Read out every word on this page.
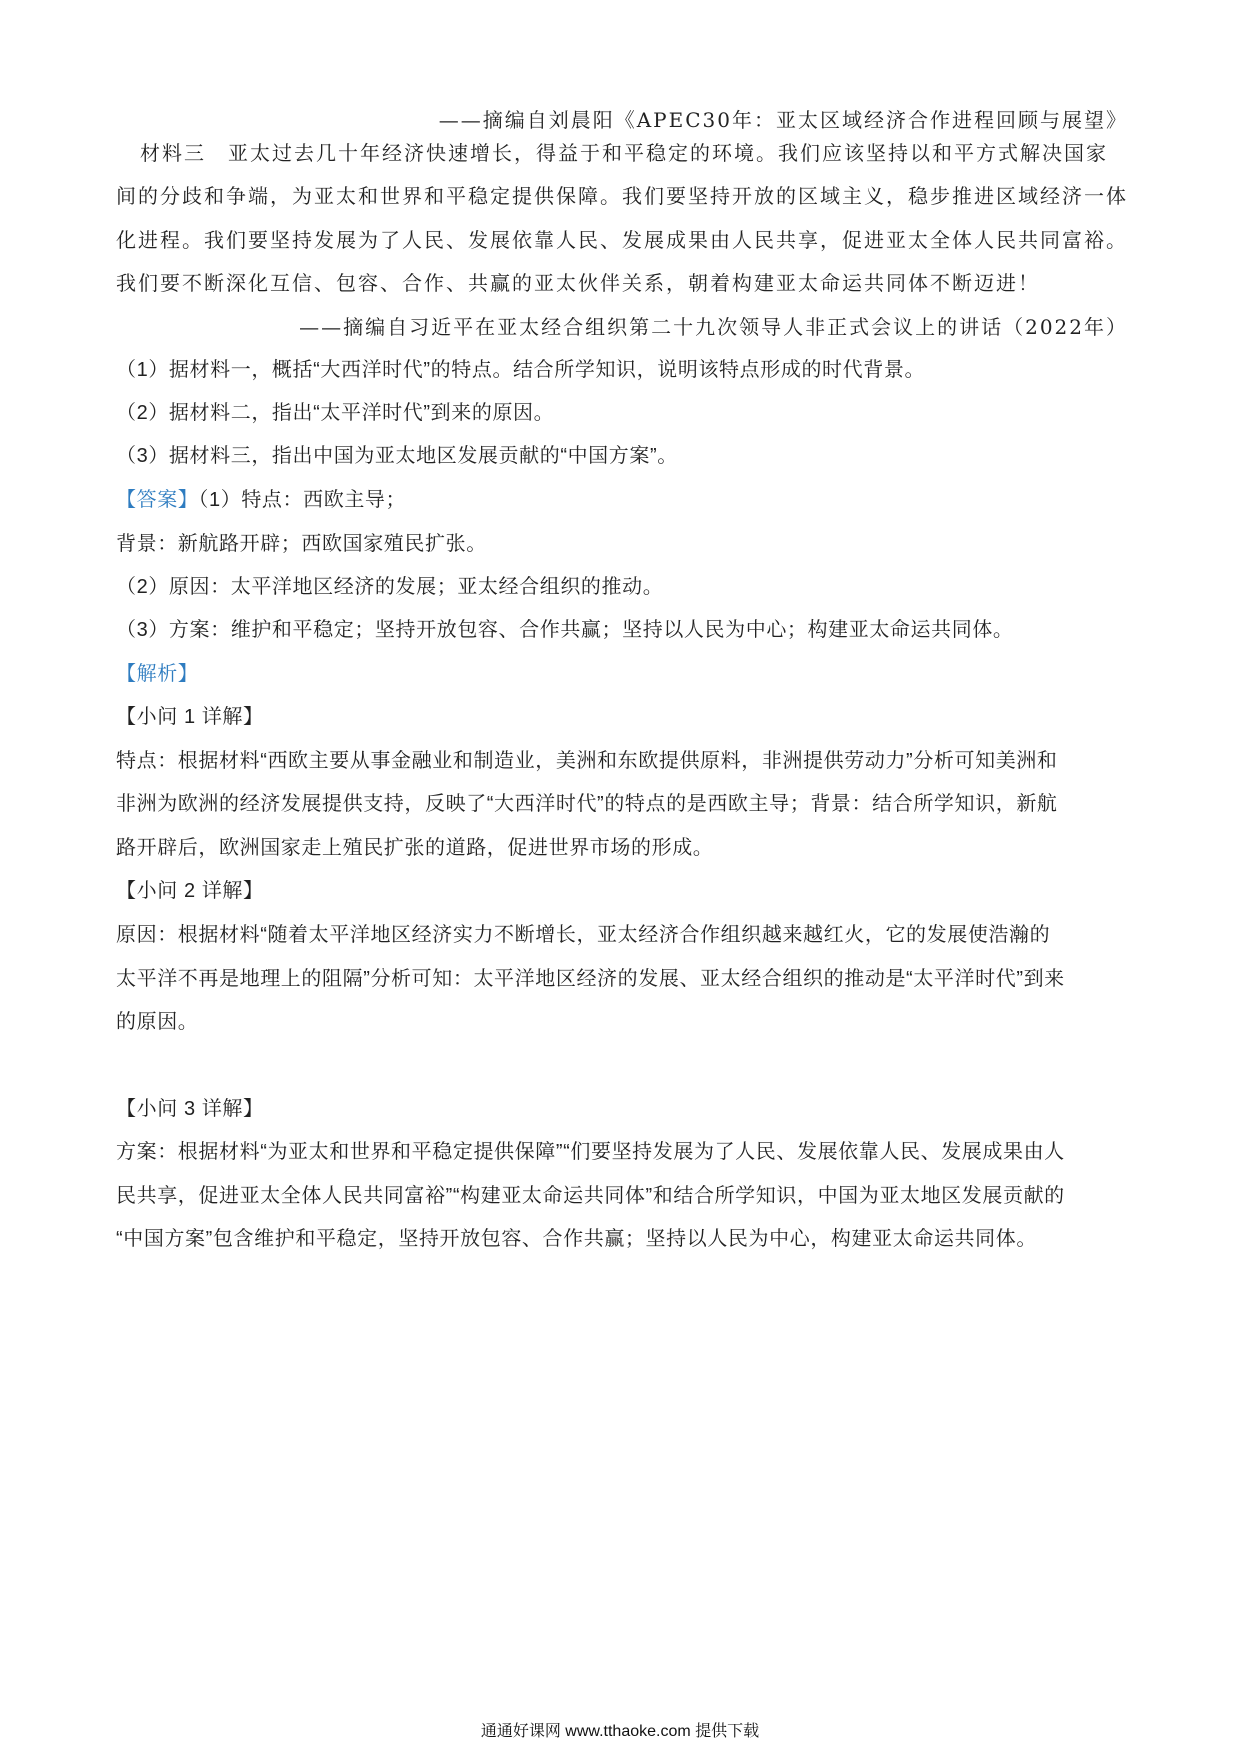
——摘编自刘晨阳《APEC30年：亚太区域经济合作进程回顾与展望》
材料三　亚太过去几十年经济快速增长，得益于和平稳定的环境。我们应该坚持以和平方式解决国家
间的分歧和争端，为亚太和世界和平稳定提供保障。我们要坚持开放的区域主义，稳步推进区域经济一体
化进程。我们要坚持发展为了人民、发展依靠人民、发展成果由人民共享，促进亚太全体人民共同富裕。
我们要不断深化互信、包容、合作、共赢的亚太伙伴关系，朝着构建亚太命运共同体不断迈进！
——摘编自习近平在亚太经合组织第二十九次领导人非正式会议上的讲话（2022年）
（1）据材料一，概括“大西洋时代”的特点。结合所学知识，说明该特点形成的时代背景。
（2）据材料二，指出“太平洋时代”到来的原因。
（3）据材料三，指出中国为亚太地区发展贡献的“中国方案”。
【答案】（1）特点：西欧主导；
背景：新航路开辟；西欧国家殖民扩张。
（2）原因：太平洋地区经济的发展；亚太经合组织的推动。
（3）方案：维护和平稳定；坚持开放包容、合作共赢；坚持以人民为中心；构建亚太命运共同体。
【解析】
【小问 1 详解】
特点：根据材料“西欧主要从事金融业和制造业，美洲和东欧提供原料，非洲提供劳动力”分析可知美洲和
非洲为欧洲的经济发展提供支持，反映了“大西洋时代”的特点的是西欧主导；背景：结合所学知识，新航
路开辟后，欧洲国家走上殖民扩张的道路，促进世界市场的形成。
【小问 2 详解】
原因：根据材料“随着太平洋地区经济实力不断增长，亚太经济合作组织越来越红火，它的发展使浩瀚的
太平洋不再是地理上的阻隔”分析可知：太平洋地区经济的发展、亚太经合组织的推动是“太平洋时代”到来
的原因。
【小问 3 详解】
方案：根据材料“为亚太和世界和平稳定提供保障”“们要坚持发展为了人民、发展依靠人民、发展成果由人
民共享，促进亚太全体人民共同富裕”“构建亚太命运共同体”和结合所学知识，中国为亚太地区发展贡献的
“中国方案”包含维护和平稳定，坚持开放包容、合作共赢；坚持以人民为中心，构建亚太命运共同体。
通通好课网 www.tthaoke.com 提供下载
